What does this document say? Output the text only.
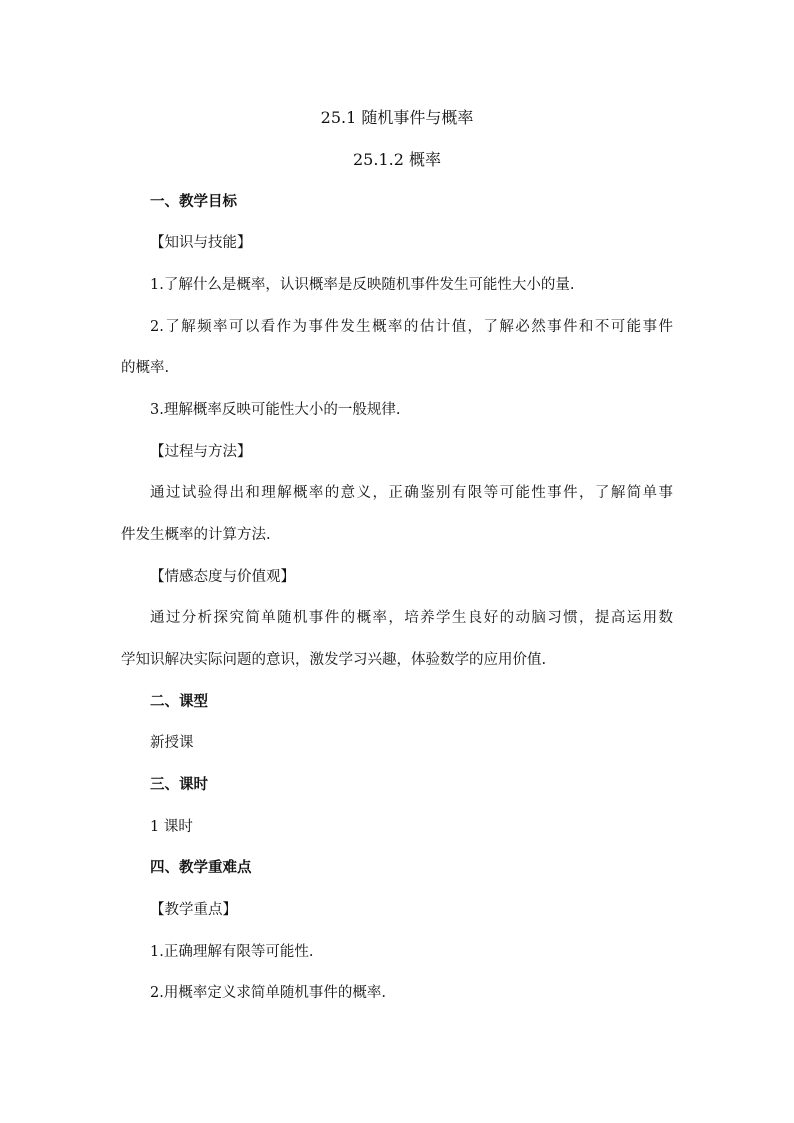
25.1 随机事件与概率
25.1.2 概率
一、教学目标
【知识与技能】
1.了解什么是概率，认识概率是反映随机事件发生可能性大小的量.
2.了解频率可以看作为事件发生概率的估计值，了解必然事件和不可能事件
的概率.
3.理解概率反映可能性大小的一般规律.
【过程与方法】
通过试验得出和理解概率的意义，正确鉴别有限等可能性事件，了解简单事
件发生概率的计算方法.
【情感态度与价值观】
通过分析探究简单随机事件的概率，培养学生良好的动脑习惯，提高运用数
学知识解决实际问题的意识，激发学习兴趣，体验数学的应用价值.
二、课型
新授课
三、课时
1 课时
四、教学重难点
【教学重点】
1.正确理解有限等可能性.
2.用概率定义求简单随机事件的概率.
